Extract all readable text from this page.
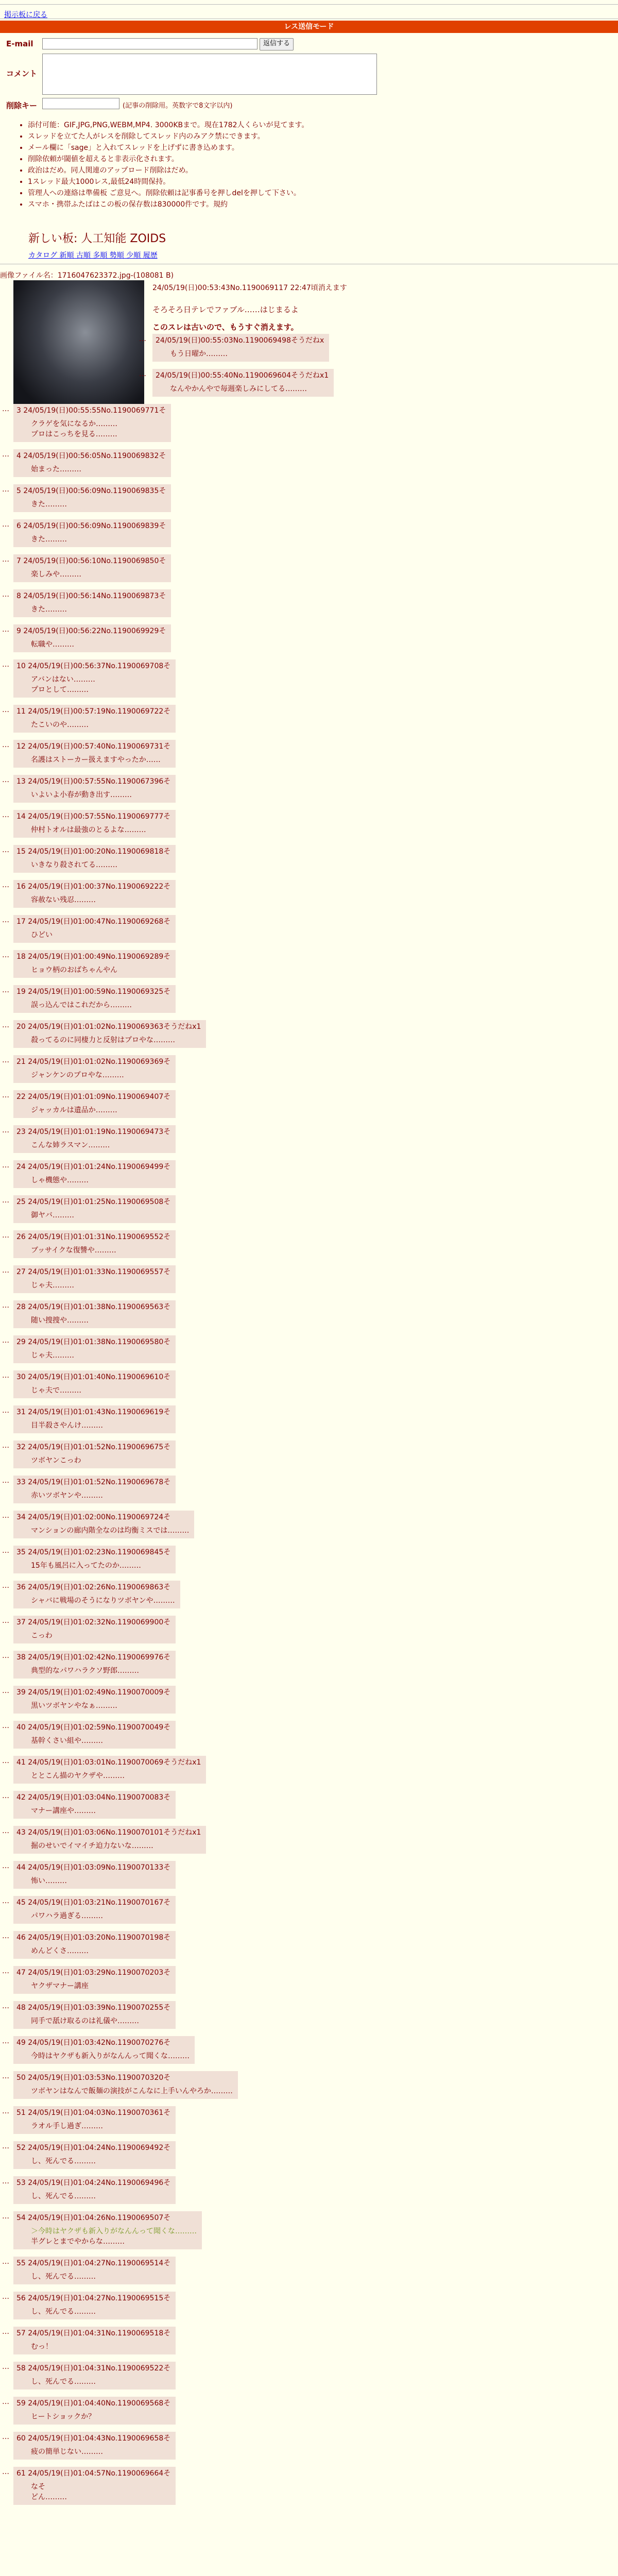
掲示板に戻る
レス送信モード
E-mail	返信する
コメント
削除キー	(記事の削除用。英数字で8文字以内)
• 添付可能：GIF,JPG,PNG,WEBM,MP4. 3000KBまで。現在1782人くらいが見てます。
• スレッドを立てた人がレスを削除してスレッド内のみアク禁にできます。
• メール欄に「sage」と入れてスレッドを上げずに書き込めます。
• 削除依頼が閾値を超えると非表示化されます。
• 政治はだめ。同人関連のアップロード削除はだめ。
• 1スレッド最大1000レス,最低24時間保持。
• 管理人への連絡は準備板 ご意見へ。削除依頼は記事番号を押しdelを押して下さい。
• スマホ・携帯ふたばはこの板の保存数は830000件です。規約
新しい板: 人工知能 ZOIDS
カタログ 新順 古順 多順 勢順 少順 履歴
画像ファイル名：1716047623372.jpg-(108081 B)
24/05/19(日)00:53:43No.1190069117 22:47頃消えます
そろそろ日テレでファブル……はじまるよ
このスレは古いので、もうすぐ消えます。
… 24/05/19(日)00:55:03No.1190069498そうだねx
もう日曜か………
… 24/05/19(日)00:55:40No.1190069604そうだねx1
なんやかんやで毎週楽しみにしてる………
… 3 24/05/19(日)00:55:55No.1190069771そ
クラゲを気になるか………
プロはこっちを見る………
… 4 24/05/19(日)00:56:05No.1190069832そ
始まった………
… 5 24/05/19(日)00:56:09No.1190069835そ
きた………
… 6 24/05/19(日)00:56:09No.1190069839そ
きた………
… 7 24/05/19(日)00:56:10No.1190069850そ
楽しみや………
… 8 24/05/19(日)00:56:14No.1190069873そ
きた………
… 9 24/05/19(日)00:56:22No.1190069929そ
転職や………
… 10 24/05/19(日)00:56:37No.1190069708そ
アバンはない………
プロとして………
… 11 24/05/19(日)00:57:19No.1190069722そ
たこいのや………
… 12 24/05/19(日)00:57:40No.1190069731そ
名護はストーカー扱えますやったか……
… 13 24/05/19(日)00:57:55No.1190067396そ
いよいよ小春が動き出す………
… 14 24/05/19(日)00:57:55No.1190069777そ
仲村トオルは最強のとるよな………
… 15 24/05/19(日)01:00:20No.1190069818そ
いきなり殺されてる………
… 16 24/05/19(日)01:00:37No.1190069222そ
容赦ない残忍………
… 17 24/05/19(日)01:00:47No.1190069268そ
ひどい
… 18 24/05/19(日)01:00:49No.1190069289そ
ヒョウ柄のおばちゃんやん
… 19 24/05/19(日)01:00:59No.1190069325そ
誤っ込んではこれだから………
… 20 24/05/19(日)01:01:02No.1190069363そうだねx1
殺ってるのに同棲力と反射はプロやな………
… 21 24/05/19(日)01:01:02No.1190069369そ
ジャンケンのプロやな………
… 22 24/05/19(日)01:01:09No.1190069407そ
ジャッカルは遺品か………
… 23 24/05/19(日)01:01:19No.1190069473そ
こんな姉ラスマン………
… 24 24/05/19(日)01:01:24No.1190069499そ
しゃ機態や………
… 25 24/05/19(日)01:01:25No.1190069508そ
御ヤバ………
… 26 24/05/19(日)01:01:31No.1190069552そ
ブッサイクな復讐や………
… 27 24/05/19(日)01:01:33No.1190069557そ
じゃ夫………
… 28 24/05/19(日)01:01:38No.1190069563そ
随い捜捜や………
… 29 24/05/19(日)01:01:38No.1190069580そ
じゃ夫………
… 30 24/05/19(日)01:01:40No.1190069610そ
じゃ夫で………
… 31 24/05/19(日)01:01:43No.1190069619そ
目半殺さやんけ………
… 32 24/05/19(日)01:01:52No.1190069675そ
ツボヤンこっわ
… 33 24/05/19(日)01:01:52No.1190069678そ
赤いツボヤンや………
… 34 24/05/19(日)01:02:00No.1190069724そ
マンションの廊内階全なのは均衡ミスでは………
… 35 24/05/19(日)01:02:23No.1190069845そ
15年も風呂に入ってたのか………
… 36 24/05/19(日)01:02:26No.1190069863そ
シャバに戦場のそうになりツボヤンや………
… 37 24/05/19(日)01:02:32No.1190069900そ
こっわ
… 38 24/05/19(日)01:02:42No.1190069976そ
典型的なパワハラクソ野郎………
… 39 24/05/19(日)01:02:49No.1190070009そ
黒いツボヤンやなぁ………
… 40 24/05/19(日)01:02:59No.1190070049そ
基幹くさい組や………
… 41 24/05/19(日)01:03:01No.1190070069そうだねx1
ととこん描のヤクザや………
… 42 24/05/19(日)01:03:04No.1190070083そ
マナー講座や………
… 43 24/05/19(日)01:03:06No.1190070101そうだねx1
掘のせいでイマイチ迫力ないな………
… 44 24/05/19(日)01:03:09No.1190070133そ
怖い………
… 45 24/05/19(日)01:03:21No.1190070167そ
パワハラ過ぎる………
… 46 24/05/19(日)01:03:20No.1190070198そ
めんどくさ………
… 47 24/05/19(日)01:03:29No.1190070203そ
ヤクザマナー講座
… 48 24/05/19(日)01:03:39No.1190070255そ
同手で舐け取るのは礼儀や………
… 49 24/05/19(日)01:03:42No.1190070276そ
今時はヤクザも新入りがなんんって聞くな………
… 50 24/05/19(日)01:03:53No.1190070320そ
ツボヤンはなんで飯麺の演技がこんなに上手いんやろか………
… 51 24/05/19(日)01:04:03No.1190070361そ
ラオル手し過ぎ………
… 52 24/05/19(日)01:04:24No.1190069492そ
し、死んでる………
… 53 24/05/19(日)01:04:24No.1190069496そ
し、死んでる………
… 54 24/05/19(日)01:04:26No.1190069507そ
＞今時はヤクザも新入りがなんんって聞くな………
半グレとまでやからな………
… 55 24/05/19(日)01:04:27No.1190069514そ
し、死んでる………
… 56 24/05/19(日)01:04:27No.1190069515そ
し、死んでる………
… 57 24/05/19(日)01:04:31No.1190069518そ
むっ！
… 58 24/05/19(日)01:04:31No.1190069522そ
し、死んでる………
… 59 24/05/19(日)01:04:40No.1190069568そ
ヒートショックか？
… 60 24/05/19(日)01:04:43No.1190069658そ
疲の簡単じない………
… 61 24/05/19(日)01:04:57No.1190069664そ
なそ
どん………
